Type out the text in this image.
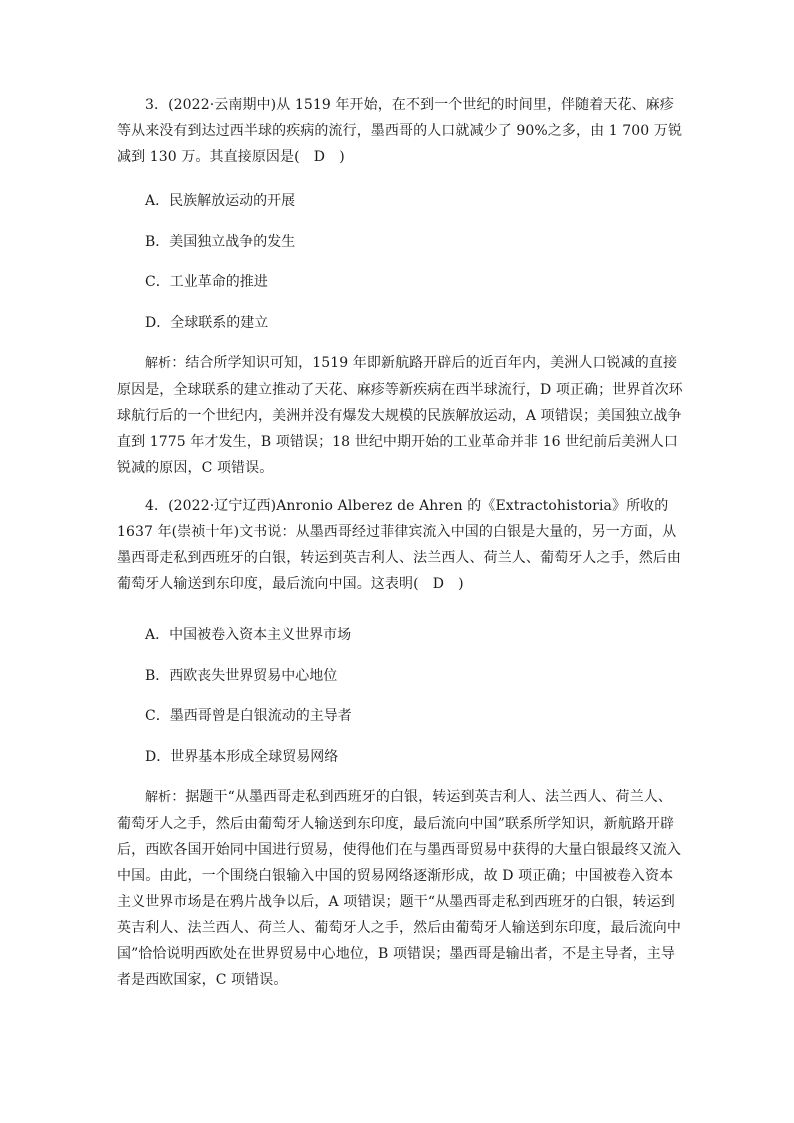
3．(2022·云南期中)从 1519 年开始，在不到一个世纪的时间里，伴随着天花、麻疹等从来没有到达过西半球的疾病的流行，墨西哥的人口就减少了 90%之多，由 1 700 万锐减到 130 万。其直接原因是(　D　)

A．民族解放运动的开展
B．美国独立战争的发生
C．工业革命的推进
D．全球联系的建立

解析：结合所学知识可知，1519 年即新航路开辟后的近百年内，美洲人口锐减的直接原因是，全球联系的建立推动了天花、麻疹等新疾病在西半球流行，D 项正确；世界首次环球航行后的一个世纪内，美洲并没有爆发大规模的民族解放运动，A 项错误；美国独立战争直到 1775 年才发生，B 项错误；18 世纪中期开始的工业革命并非 16 世纪前后美洲人口锐减的原因，C 项错误。

4．(2022·辽宁辽西)Anronio Alberez de Ahren 的《Extractohistoria》所收的 1637 年(崇祯十年)文书说：从墨西哥经过菲律宾流入中国的白银是大量的，另一方面，从墨西哥走私到西班牙的白银，转运到英吉利人、法兰西人、荷兰人、葡萄牙人之手，然后由葡萄牙人输送到东印度，最后流向中国。这表明(　D　)

A．中国被卷入资本主义世界市场
B．西欧丧失世界贸易中心地位
C．墨西哥曾是白银流动的主导者
D．世界基本形成全球贸易网络

解析：据题干“从墨西哥走私到西班牙的白银，转运到英吉利人、法兰西人、荷兰人、葡萄牙人之手，然后由葡萄牙人输送到东印度，最后流向中国”联系所学知识，新航路开辟后，西欧各国开始同中国进行贸易，使得他们在与墨西哥贸易中获得的大量白银最终又流入中国。由此，一个围绕白银输入中国的贸易网络逐渐形成，故 D 项正确；中国被卷入资本主义世界市场是在鸦片战争以后，A 项错误；题干“从墨西哥走私到西班牙的白银，转运到英吉利人、法兰西人、荷兰人、葡萄牙人之手，然后由葡萄牙人输送到东印度，最后流向中国”恰恰说明西欧处在世界贸易中心地位，B 项错误；墨西哥是输出者，不是主导者，主导者是西欧国家，C 项错误。
